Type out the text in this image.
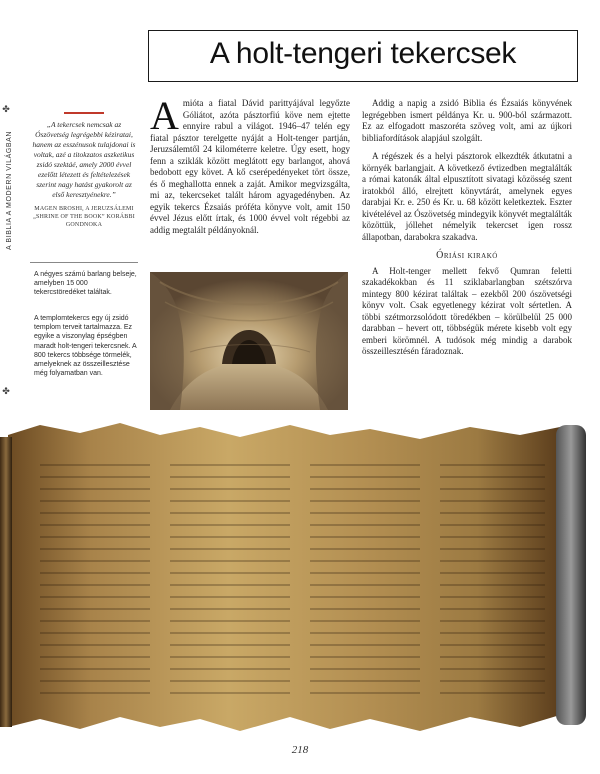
✤
✤
A BIBLIA A MODERN VILÁGBAN
A holt-tengeri tekercsek

„A tekercsek nemcsak az Ószövetség legrégebbi kéziratai, hanem az esszénusok tulajdonai is voltak, azé a titokzatos aszketikus zsidó szektáé, amely 2000 évvel ezelőtt létezett és feltételezések szerint nagy hatást gyakorolt az első keresztyénekre.”

MAGEN BROSHI, A JERUZSÁLEMI „SHRINE OF THE BOOK” KORÁBBI GONDNOKA

A négyes számú barlang belseje, amelyben 15 000 tekercstöredéket találtak.

A templomtekercs egy új zsidó templom terveit tartalmazza. Ez egyike a viszonylag épségben maradt holt-tengeri tekercsnek. A 800 tekercs többsége törmelék, amelyeknek az összeillesztése még folyamatban van.

Amióta a fiatal Dávid parittyájával legyőzte Góliátot, azóta pásztorfiú köve nem ejtette ennyire rabul a világot. 1946–47 telén egy fiatal pásztor terelgette nyáját a Holt-tenger partján, Jeruzsálemtől 24 kilométerre keletre. Úgy esett, hogy fenn a sziklák között meglátott egy barlangot, ahová bedobott egy követ. A kő cserépedényeket tört össze, és ő meghallotta ennek a zaját. Amikor megvizsgálta, mi az, tekercseket talált három agyagedényben. Az egyik tekercs Ézsaiás próféta könyve volt, amit 150 évvel Jézus előtt írtak, és 1000 évvel volt régebbi az addig megtalált példányoknál.

Addig a napig a zsidó Biblia és Ézsaiás könyvének legrégebben ismert példánya Kr. u. 900-ból származott. Ez az elfogadott maszoréta szöveg volt, ami az újkori bibliafordítások alapjául szolgált.

A régészek és a helyi pásztorok elkezdték átkutatni a környék barlangjait. A következő évtizedben megtalálták a római katonák által elpusztított sivatagi közösség szent iratokból álló, elrejtett könyvtárát, amelynek egyes darabjai Kr. e. 250 és Kr. u. 68 között keletkeztek. Eszter kivételével az Ószövetség mindegyik könyvét megtalálták közöttük, jóllehet némelyik tekercset igen rossz állapotban, darabokra szakadva.

Óriási kirakó

A Holt-tenger mellett fekvő Qumran feletti szakadékokban és 11 sziklabarlangban szétszórva mintegy 800 kézirat találtak – ezekből 200 ószövetségi könyv volt. Csak egyetlenegy kézirat volt sértetlen. A többi szétmorzsolódott töredékben – körülbelül 25 000 darabban – hevert ott, többségük mérete kisebb volt egy emberi körömnél. A tudósok még mindig a darabok összeillesztésén fáradoznak.

218
